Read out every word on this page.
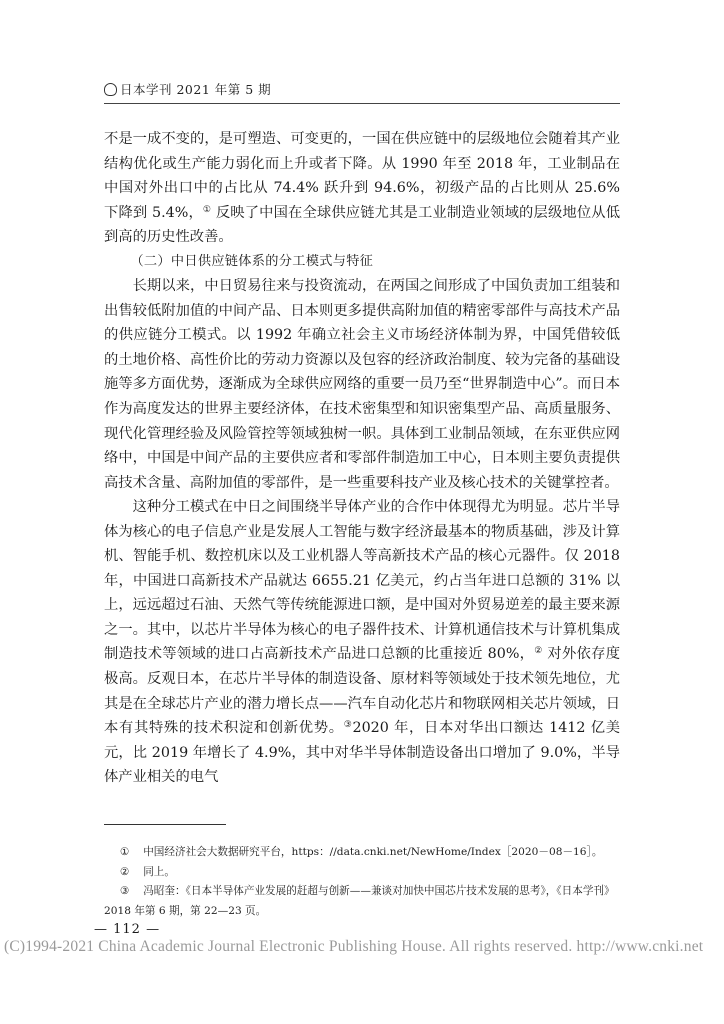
日本学刊 2021 年第 5 期

不是一成不变的，是可塑造、可变更的，一国在供应链中的层级地位会随着其产业结构优化或生产能力弱化而上升或者下降。从 1990 年至 2018 年，工业制品在中国对外出口中的占比从 74.4% 跃升到 94.6%，初级产品的占比则从 25.6% 下降到 5.4%，① 反映了中国在全球供应链尤其是工业制造业领域的层级地位从低到高的历史性改善。

（二）中日供应链体系的分工模式与特征

长期以来，中日贸易往来与投资流动，在两国之间形成了中国负责加工组装和出售较低附加值的中间产品、日本则更多提供高附加值的精密零部件与高技术产品的供应链分工模式。以 1992 年确立社会主义市场经济体制为界，中国凭借较低的土地价格、高性价比的劳动力资源以及包容的经济政治制度、较为完备的基础设施等多方面优势，逐渐成为全球供应网络的重要一员乃至“世界制造中心”。而日本作为高度发达的世界主要经济体，在技术密集型和知识密集型产品、高质量服务、现代化管理经验及风险管控等领域独树一帜。具体到工业制品领域，在东亚供应网络中，中国是中间产品的主要供应者和零部件制造加工中心，日本则主要负责提供高技术含量、高附加值的零部件，是一些重要科技产业及核心技术的关键掌控者。

这种分工模式在中日之间围绕半导体产业的合作中体现得尤为明显。芯片半导体为核心的电子信息产业是发展人工智能与数字经济最基本的物质基础，涉及计算机、智能手机、数控机床以及工业机器人等高新技术产品的核心元器件。仅 2018 年，中国进口高新技术产品就达 6655.21 亿美元，约占当年进口总额的 31% 以上，远远超过石油、天然气等传统能源进口额，是中国对外贸易逆差的最主要来源之一。其中，以芯片半导体为核心的电子器件技术、计算机通信技术与计算机集成制造技术等领域的进口占高新技术产品进口总额的比重接近 80%，② 对外依存度极高。反观日本，在芯片半导体的制造设备、原材料等领域处于技术领先地位，尤其是在全球芯片产业的潜力增长点——汽车自动化芯片和物联网相关芯片领域，日本有其特殊的技术积淀和创新优势。③2020 年，日本对华出口额达 1412 亿美元，比 2019 年增长了 4.9%，其中对华半导体制造设备出口增加了 9.0%，半导体产业相关的电气

① 中国经济社会大数据研究平台，https：//data.cnki.net/NewHome/Index［2020－08－16］。

② 同上。

③ 冯昭奎：《日本半导体产业发展的赶超与创新——兼谈对加快中国芯片技术发展的思考》，《日本学刊》2018 年第 6 期，第 22—23 页。

— 112 —
(C)1994-2021 China Academic Journal Electronic Publishing House. All rights reserved. http://www.cnki.net
